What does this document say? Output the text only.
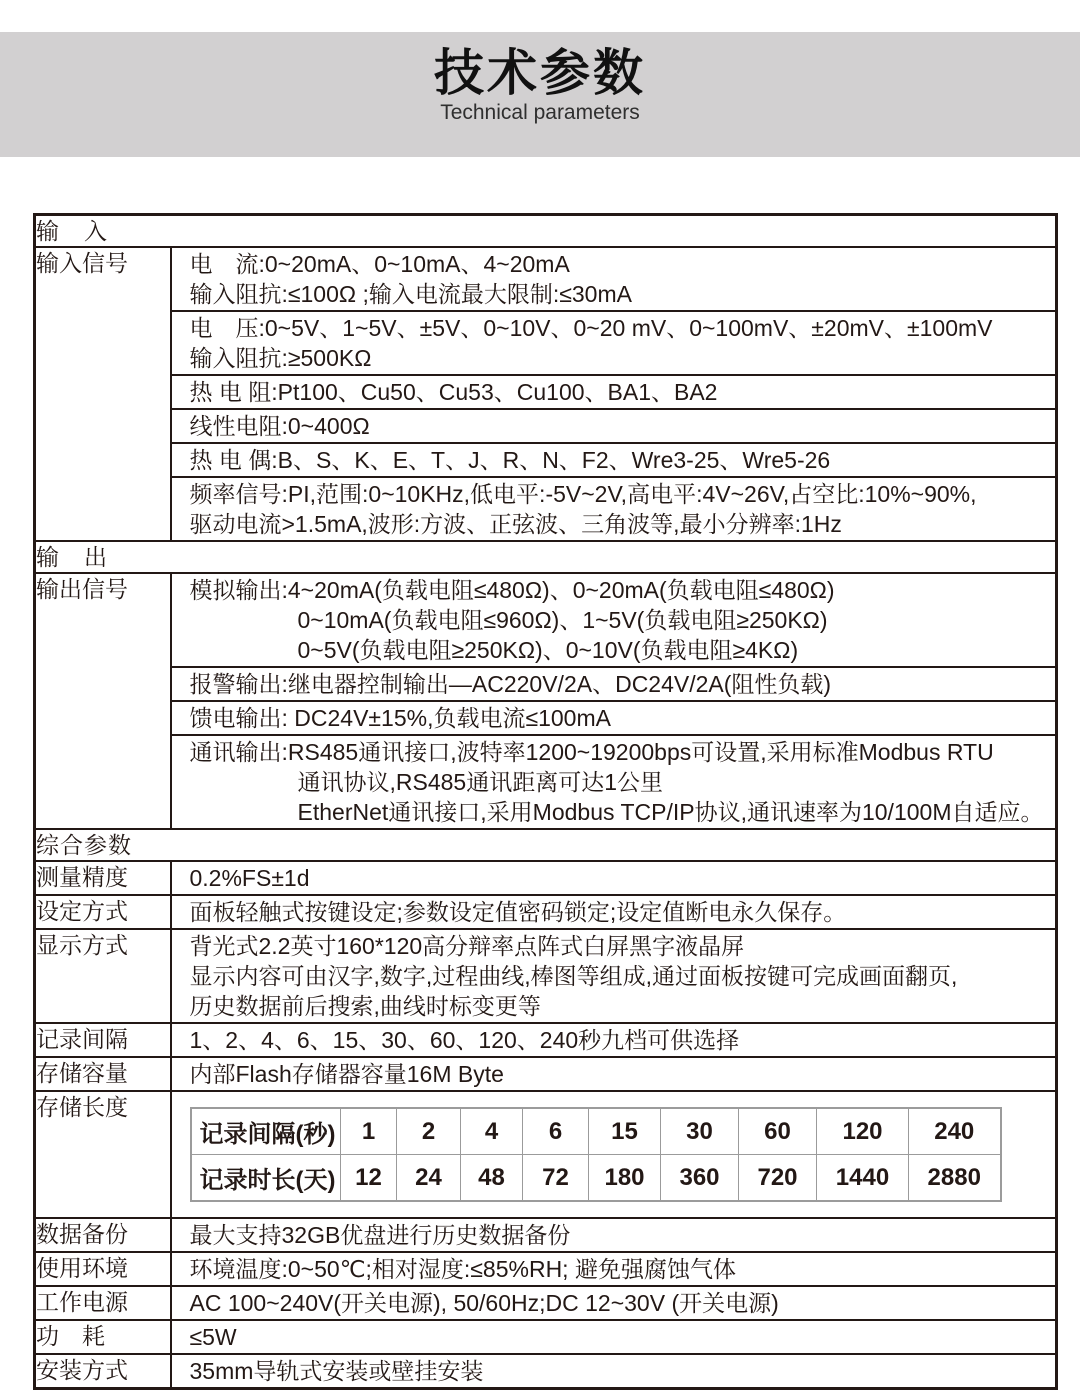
技术参数
Technical parameters
输　入
输入信号	电　流:0~20mA、0~10mA、4~20mA
输入阻抗:≤100Ω ;输入电流最大限制:≤30mA
电　压:0~5V、1~5V、±5V、0~10V、0~20 mV、0~100mV、±20mV、±100mV
输入阻抗:≥500KΩ
热 电 阻:Pt100、Cu50、Cu53、Cu100、BA1、BA2
线性电阻:0~400Ω
热 电 偶:B、S、K、E、T、J、R、N、F2、Wre3-25、Wre5-26
频率信号:PI,范围:0~10KHz,低电平:-5V~2V,高电平:4V~26V,占空比:10%~90%,
驱动电流>1.5mA,波形:方波、正弦波、三角波等,最小分辨率:1Hz

输　出
输出信号	模拟输出:4~20mA(负载电阻≤480Ω)、0~20mA(负载电阻≤480Ω)
0~10mA(负载电阻≤960Ω)、1~5V(负载电阻≥250KΩ)
0~5V(负载电阻≥250KΩ)、0~10V(负载电阻≥4KΩ)
报警输出:继电器控制输出—AC220V/2A、DC24V/2A(阻性负载)
馈电输出: DC24V±15%,负载电流≤100mA
通讯输出:RS485通讯接口,波特率1200~19200bps可设置,采用标准Modbus RTU
通讯协议,RS485通讯距离可达1公里
EtherNet通讯接口,采用Modbus TCP/IP协议,通讯速率为10/100M自适应。

综合参数
测量精度	0.2%FS±1d

设定方式	面板轻触式按键设定;参数设定值密码锁定;设定值断电永久保存。

显示方式	背光式2.2英寸160*120高分辩率点阵式白屏黑字液晶屏
显示内容可由汉字,数字,过程曲线,棒图等组成,通过面板按键可完成画面翻页,
历史数据前后搜索,曲线时标变更等

记录间隔	1、2、4、6、15、30、60、120、240秒九档可供选择

存储容量	内部Flash存储器容量16M Byte

存储长度	
记录间隔(秒)	1	2	4	6	15	30	60	120	240
记录时长(天)	12	24	48	72	180	360	720	1440	2880

数据备份	最大支持32GB优盘进行历史数据备份

使用环境	环境温度:0~50℃;相对湿度:≤85%RH; 避免强腐蚀气体

工作电源	AC 100~240V(开关电源), 50/60Hz;DC 12~30V (开关电源)

功　耗	≤5W

安装方式	35mm导轨式安装或壁挂安装
